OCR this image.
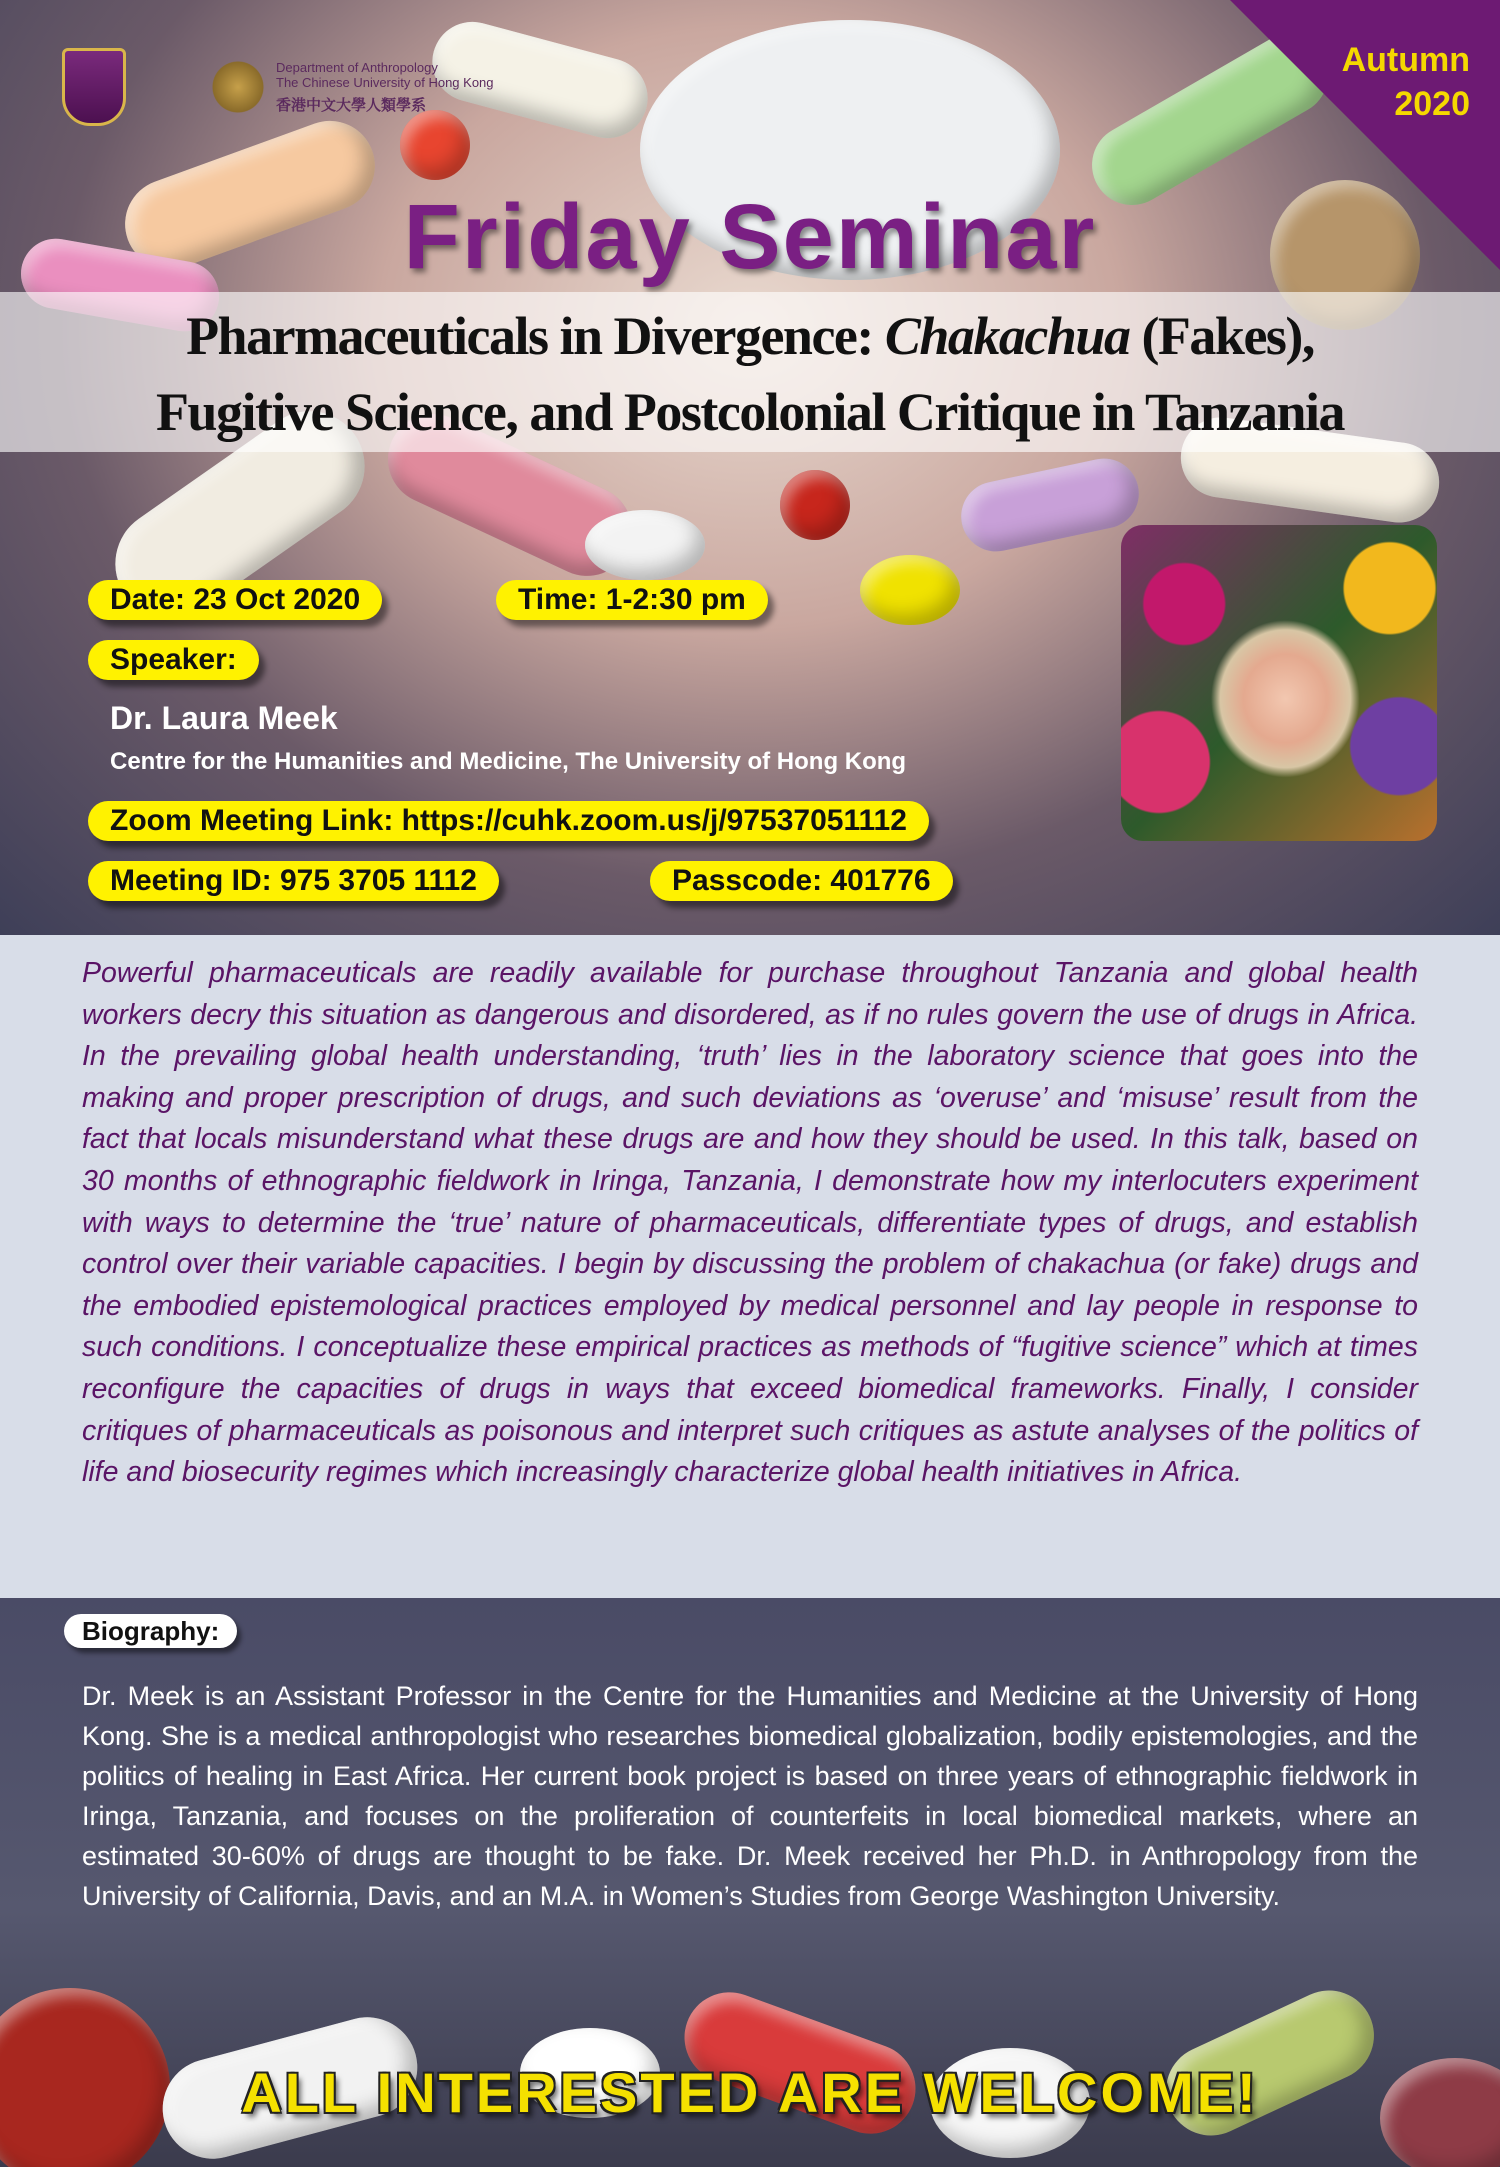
Autumn 2020
Department of Anthropology
The Chinese University of Hong Kong
香港中文大學人類學系
Friday Seminar
Pharmaceuticals in Divergence: Chakachua (Fakes),
Fugitive Science, and Postcolonial Critique in Tanzania
Date: 23 Oct 2020	Time: 1-2:30 pm
Speaker:
Dr. Laura Meek
Centre for the Humanities and Medicine, The University of Hong Kong
Zoom Meeting Link: https://cuhk.zoom.us/j/97537051112
Meeting ID: 975 3705 1112	Passcode: 401776
Powerful pharmaceuticals are readily available for purchase throughout Tanzania and global health workers decry this situation as dangerous and disordered, as if no rules govern the use of drugs in Africa. In the prevailing global health understanding, ‘truth’ lies in the laboratory science that goes into the making and proper prescription of drugs, and such deviations as ‘overuse’ and ‘misuse’ result from the fact that locals misunderstand what these drugs are and how they should be used. In this talk, based on 30 months of ethnographic fieldwork in Iringa, Tanzania, I demonstrate how my interlocuters experiment with ways to determine the ‘true’ nature of pharmaceuticals, differentiate types of drugs, and establish control over their variable capacities. I begin by discussing the problem of chakachua (or fake) drugs and the embodied epistemological practices employed by medical personnel and lay people in response to such conditions. I conceptualize these empirical practices as methods of “fugitive science” which at times reconfigure the capacities of drugs in ways that exceed biomedical frameworks. Finally, I consider critiques of pharmaceuticals as poisonous and interpret such critiques as astute analyses of the politics of life and biosecurity regimes which increasingly characterize global health initiatives in Africa.
Biography:
Dr. Meek is an Assistant Professor in the Centre for the Humanities and Medicine at the University of Hong Kong. She is a medical anthropologist who researches biomedical globalization, bodily epistemologies, and the politics of healing in East Africa. Her current book project is based on three years of ethnographic fieldwork in Iringa, Tanzania, and focuses on the proliferation of counterfeits in local biomedical markets, where an estimated 30-60% of drugs are thought to be fake. Dr. Meek received her Ph.D. in Anthropology from the University of California, Davis, and an M.A. in Women’s Studies from George Washington University.
ALL INTERESTED ARE WELCOME!
